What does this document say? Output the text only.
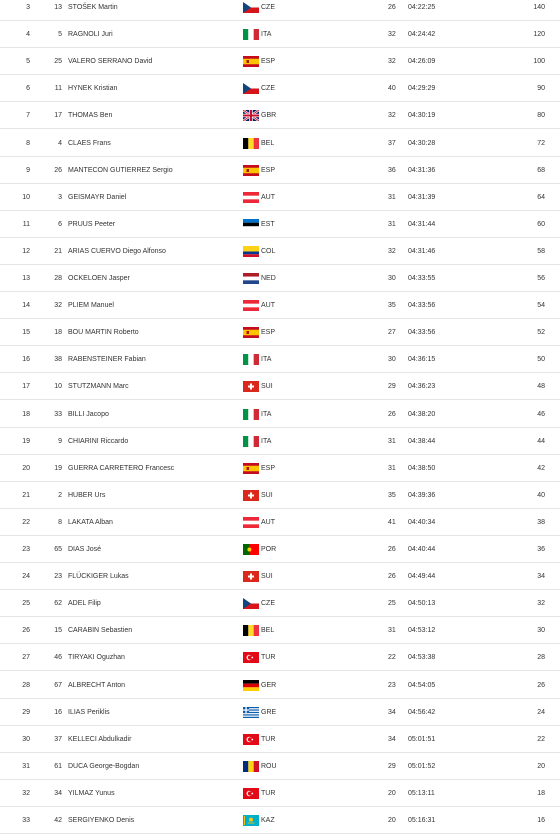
3	13 STOŠEK Martin	CZE	26 04:22:25	140
4	5 RAGNOLI Juri	ITA	32 04:24:42	120
5	25 VALERO SERRANO David	ESP	32 04:26:09	100
6	11 HYNEK Kristian	CZE	40 04:29:29	90
7	17 THOMAS Ben	GBR	32 04:30:19	80
8	4 CLAES Frans	BEL	37 04:30:28	72
9	26 MANTECON GUTIERREZ Sergio	ESP	36 04:31:36	68
10	3 GEISMAYR Daniel	AUT	31 04:31:39	64
11	6 PRUUS Peeter	EST	31 04:31:44	60
12	21 ARIAS CUERVO Diego Alfonso	COL	32 04:31:46	58
13	28 OCKELOEN Jasper	NED	30 04:33:55	56
14	32 PLIEM Manuel	AUT	35 04:33:56	54
15	18 BOU MARTIN Roberto	ESP	27 04:33:56	52
16	38 RABENSTEINER Fabian	ITA	30 04:36:15	50
17	10 STUTZMANN Marc	SUI	29 04:36:23	48
18	33 BILLI Jacopo	ITA	26 04:38:20	46
19	9 CHIARINI Riccardo	ITA	31 04:38:44	44
20	19 GUERRA CARRETERO Francesc	ESP	31 04:38:50	42
21	2 HUBER Urs	SUI	35 04:39:36	40
22	8 LAKATA Alban	AUT	41 04:40:34	38
23	65 DIAS José	POR	26 04:40:44	36
24	23 FLÜCKIGER Lukas	SUI	26 04:49:44	34
25	62 ADEL Filip	CZE	25 04:50:13	32
26	15 CARABIN Sebastien	BEL	31 04:53:12	30
27	46 TIRYAKI Oguzhan	TUR	22 04:53:38	28
28	67 ALBRECHT Anton	GER	23 04:54:05	26
29	16 ILIAS Periklis	GRE	34 04:56:42	24
30	37 KELLECI Abdulkadir	TUR	34 05:01:51	22
31	61 DUCA George-Bogdan	ROU	29 05:01:52	20
32	34 YILMAZ Yunus	TUR	20 05:13:11	18
33	42 SERGIYENKO Denis	KAZ	20 05:16:31	16
